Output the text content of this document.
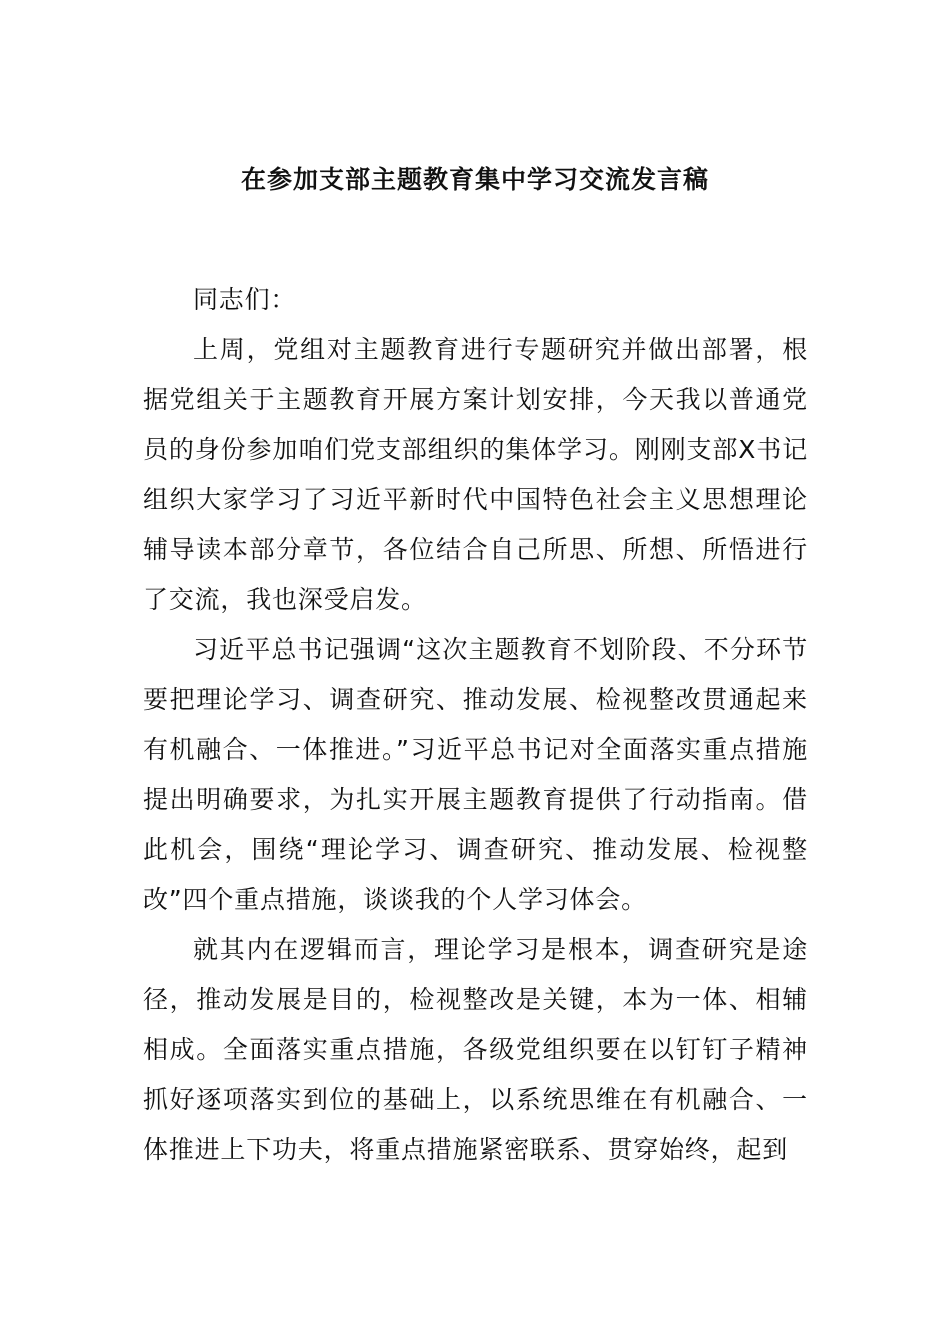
在参加支部主题教育集中学习交流发言稿

同志们：

上周，党组对主题教育进行专题研究并做出部署，根据党组关于主题教育开展方案计划安排，今天我以普通党员的身份参加咱们党支部组织的集体学习。刚刚支部X书记组织大家学习了习近平新时代中国特色社会主义思想理论辅导读本部分章节，各位结合自己所思、所想、所悟进行了交流，我也深受启发。

习近平总书记强调“这次主题教育不划阶段、不分环节要把理论学习、调查研究、推动发展、检视整改贯通起来有机融合、一体推进。”习近平总书记对全面落实重点措施提出明确要求，为扎实开展主题教育提供了行动指南。借此机会，围绕“理论学习、调查研究、推动发展、检视整改”四个重点措施，谈谈我的个人学习体会。

就其内在逻辑而言，理论学习是根本，调查研究是途径，推动发展是目的，检视整改是关键，本为一体、相辅相成。全面落实重点措施，各级党组织要在以钉钉子精神抓好逐项落实到位的基础上，以系统思维在有机融合、一体推进上下功夫，将重点措施紧密联系、贯穿始终，起到
